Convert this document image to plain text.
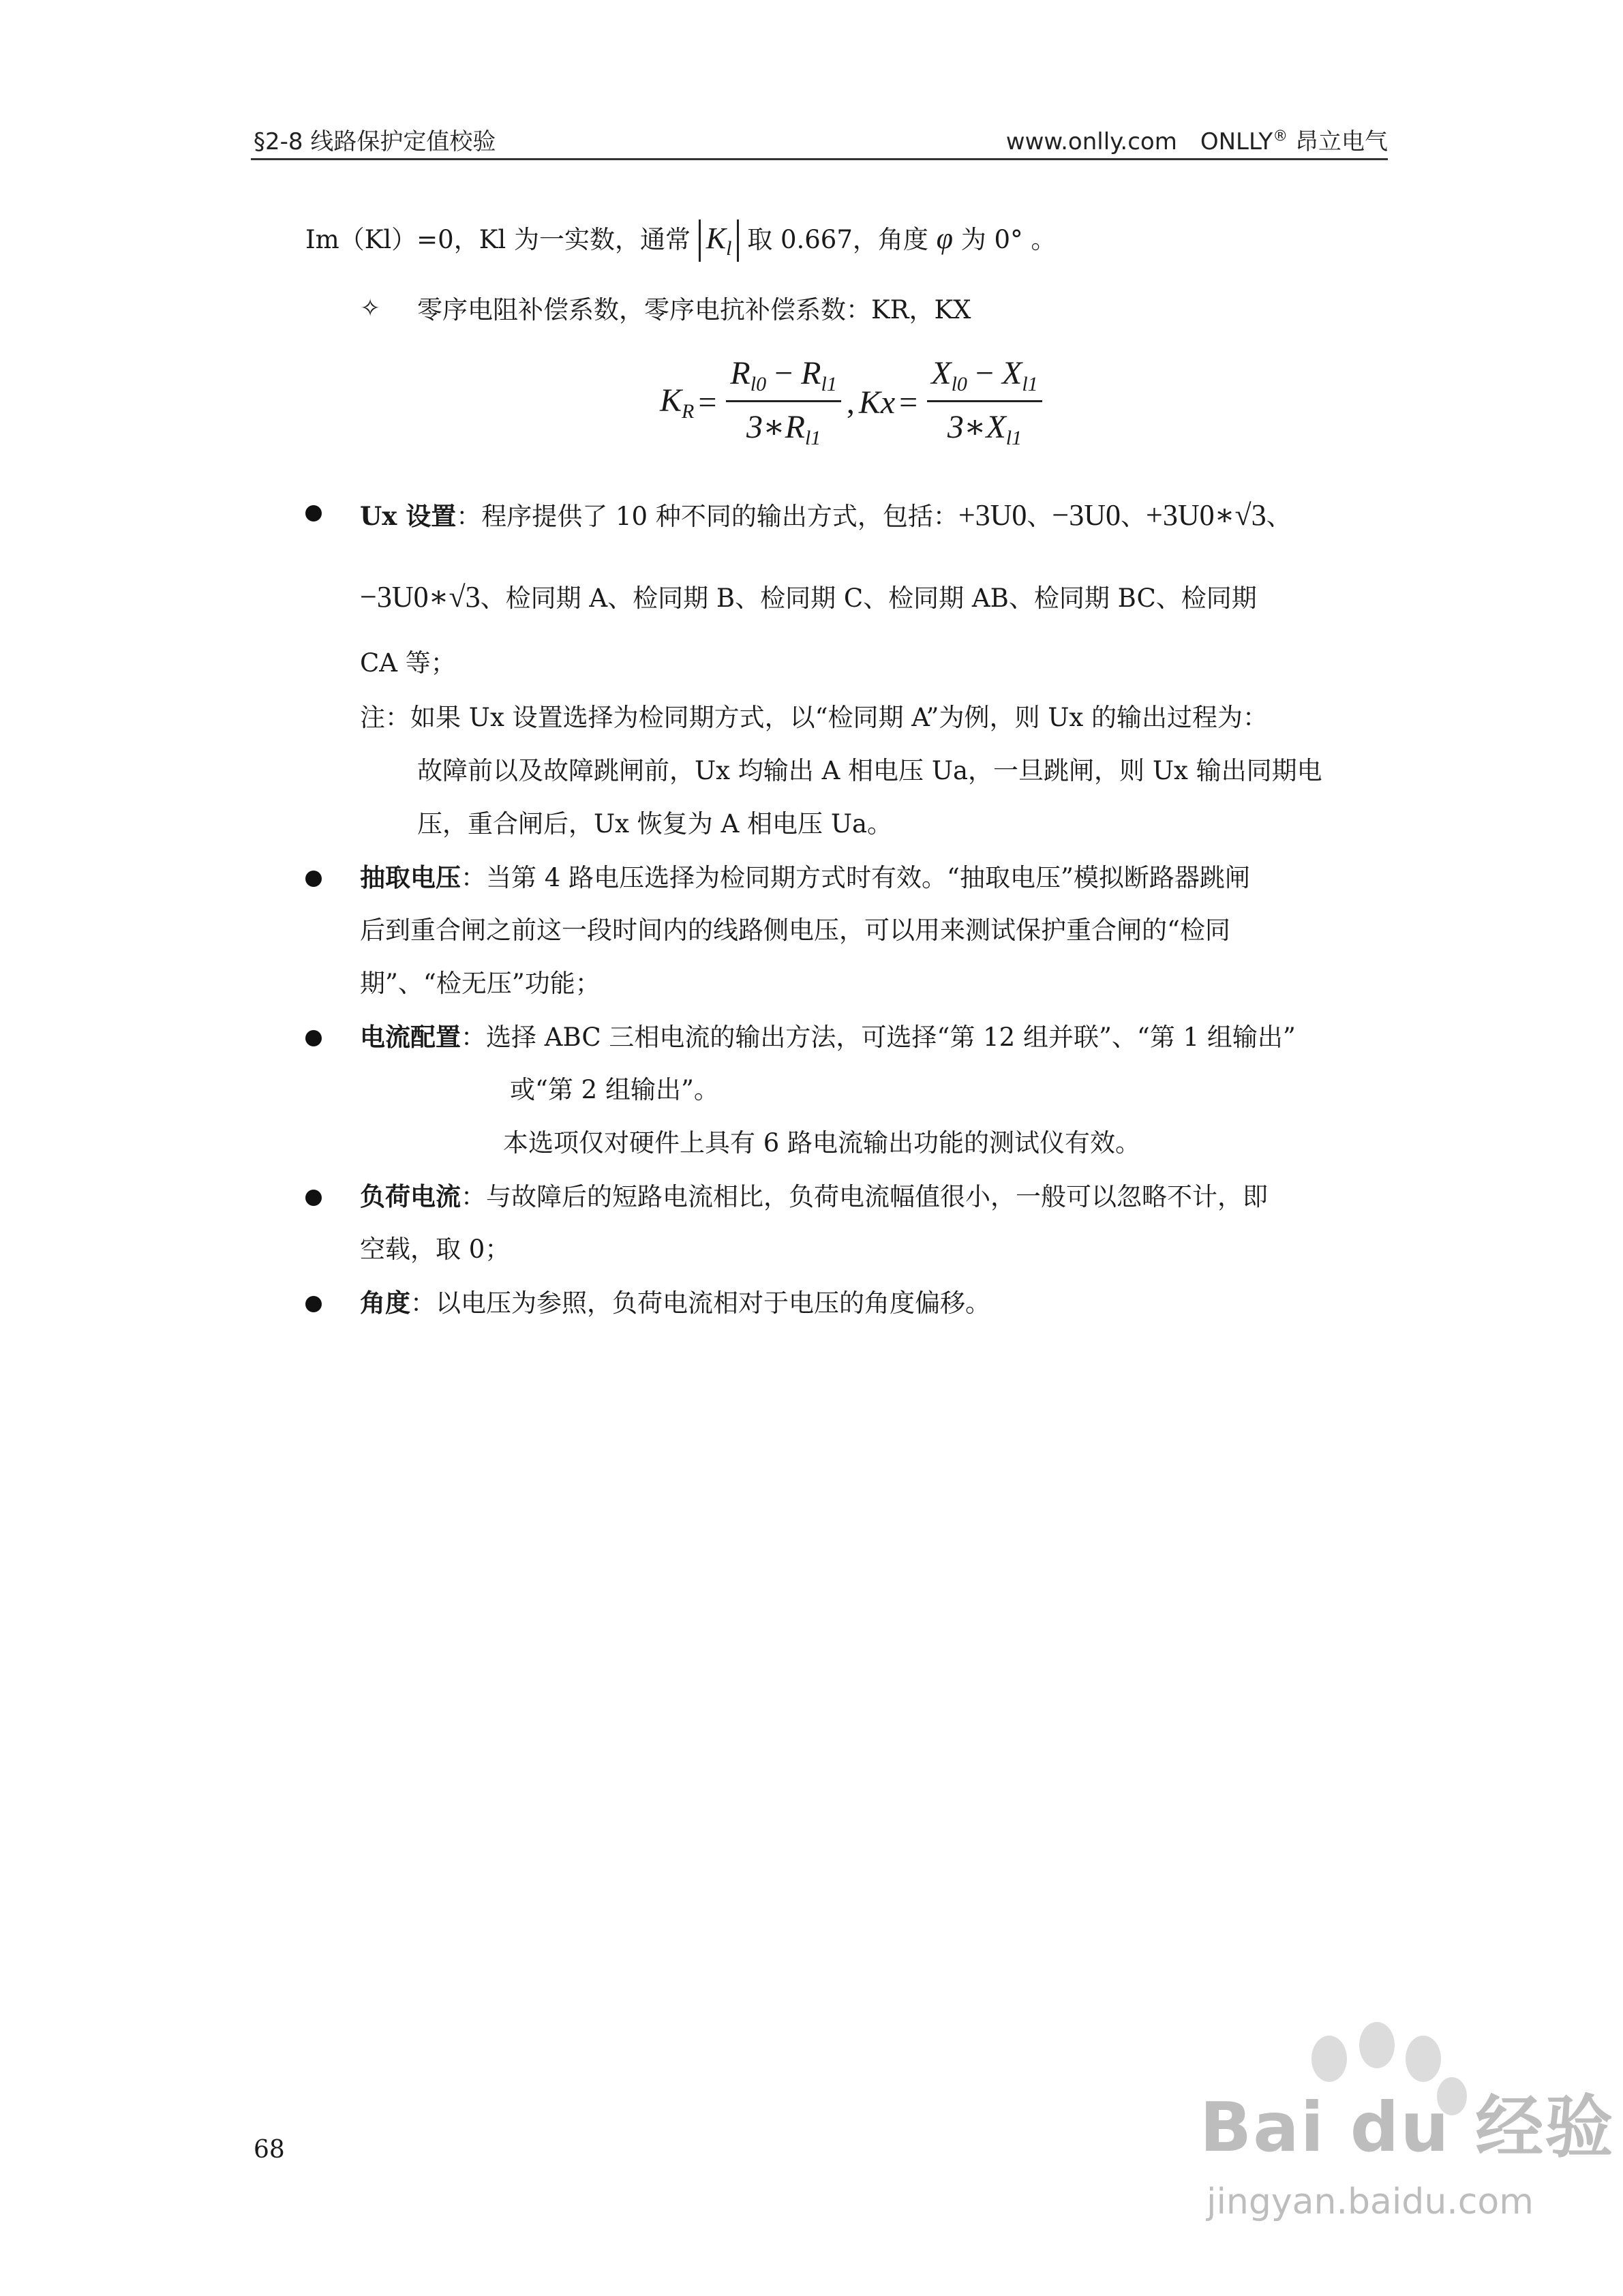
§2-8 线路保护定值校验	www.onlly.com ONLLY® 昂立电气
Im（Kl）=0，Kl 为一实数，通常 $K_l$ 取 0.667，角度 φ 为 0° 。
✧ 零序电阻补偿系数，零序电抗补偿系数：KR，KX
$K_R = \frac{R_{l0} - R_{l1}}{3∗R_{l1}}$ , $Kx = \frac{X_{l0} - X_{l1}}{3∗X_{l1}}$
Ux 设置：程序提供了 10 种不同的输出方式，包括：+3U0、−3U0、+3U0∗√3、
−3U0∗√3、检同期 A、检同期 B、检同期 C、检同期 AB、检同期 BC、检同期
CA 等；
注：如果 Ux 设置选择为检同期方式，以“检同期 A”为例，则 Ux 的输出过程为：
故障前以及故障跳闸前，Ux 均输出 A 相电压 Ua，一旦跳闸，则 Ux 输出同期电
压，重合闸后，Ux 恢复为 A 相电压 Ua。
抽取电压：当第 4 路电压选择为检同期方式时有效。“抽取电压”模拟断路器跳闸
后到重合闸之前这一段时间内的线路侧电压，可以用来测试保护重合闸的“检同
期”、“检无压”功能；
电流配置：选择 ABC 三相电流的输出方法，可选择“第 12 组并联”、“第 1 组输出”
或“第 2 组输出”。
本选项仅对硬件上具有 6 路电流输出功能的测试仪有效。
负荷电流：与故障后的短路电流相比，负荷电流幅值很小，一般可以忽略不计，即
空载，取 0；
角度：以电压为参照，负荷电流相对于电压的角度偏移。
68	Bai du 经验
jingyan.baidu.com
